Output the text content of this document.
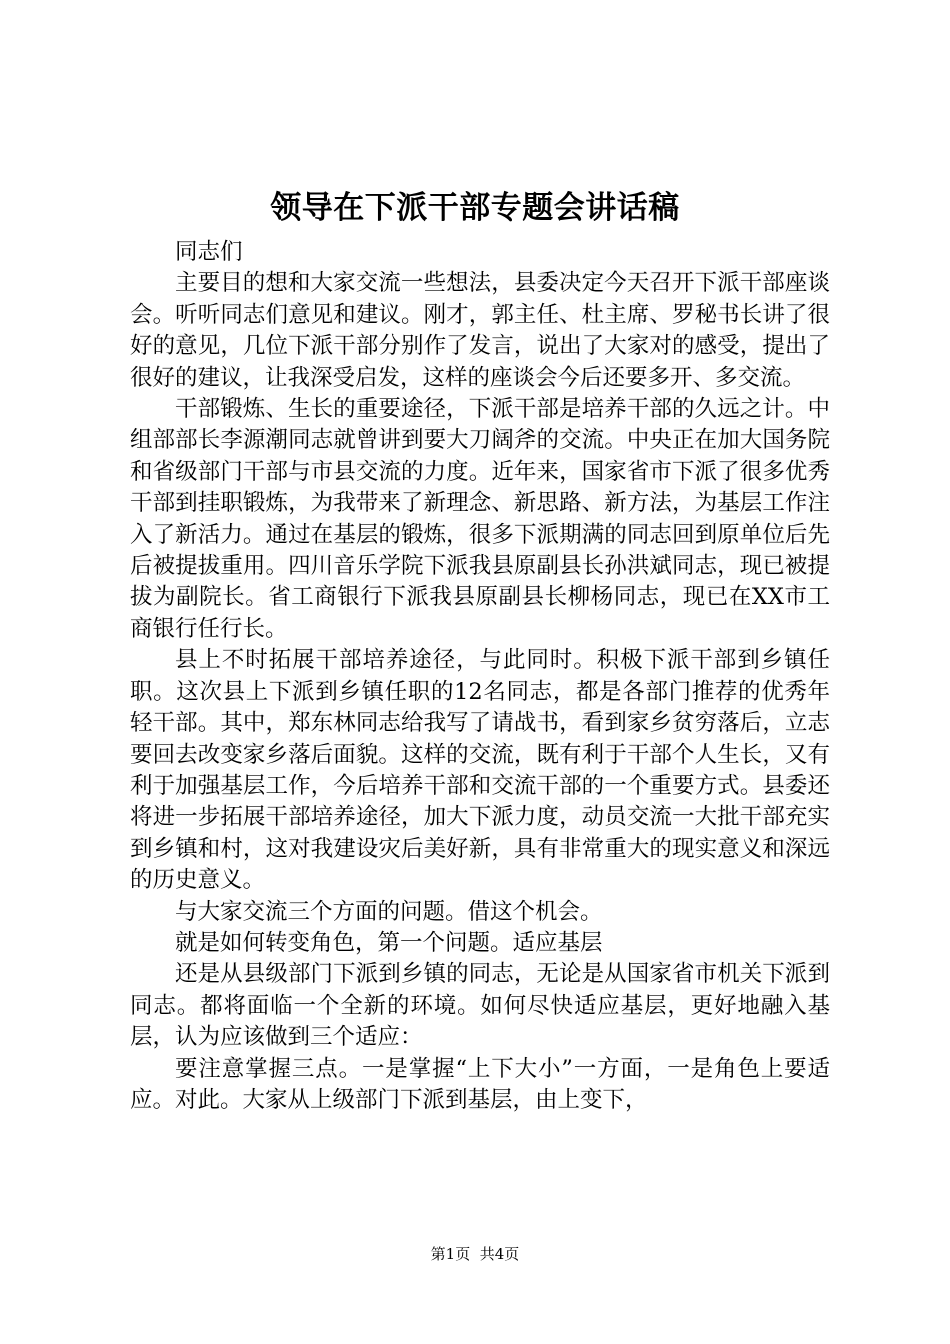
领导在下派干部专题会讲话稿

同志们

主要目的想和大家交流一些想法，县委决定今天召开下派干部座谈会。听听同志们意见和建议。刚才，郭主任、杜主席、罗秘书长讲了很好的意见，几位下派干部分别作了发言，说出了大家对的感受，提出了很好的建议，让我深受启发，这样的座谈会今后还要多开、多交流。

干部锻炼、生长的重要途径，下派干部是培养干部的久远之计。中组部部长李源潮同志就曾讲到要大刀阔斧的交流。中央正在加大国务院和省级部门干部与市县交流的力度。近年来，国家省市下派了很多优秀干部到挂职锻炼，为我带来了新理念、新思路、新方法，为基层工作注入了新活力。通过在基层的锻炼，很多下派期满的同志回到原单位后先后被提拔重用。四川音乐学院下派我县原副县长孙洪斌同志，现已被提拔为副院长。省工商银行下派我县原副县长柳杨同志，现已在XX市工商银行任行长。

县上不时拓展干部培养途径，与此同时。积极下派干部到乡镇任职。这次县上下派到乡镇任职的12名同志，都是各部门推荐的优秀年轻干部。其中，郑东林同志给我写了请战书，看到家乡贫穷落后，立志要回去改变家乡落后面貌。这样的交流，既有利于干部个人生长，又有利于加强基层工作，今后培养干部和交流干部的一个重要方式。县委还将进一步拓展干部培养途径，加大下派力度，动员交流一大批干部充实到乡镇和村，这对我建设灾后美好新，具有非常重大的现实意义和深远的历史意义。

与大家交流三个方面的问题。借这个机会。

就是如何转变角色，第一个问题。适应基层

还是从县级部门下派到乡镇的同志，无论是从国家省市机关下派到同志。都将面临一个全新的环境。如何尽快适应基层，更好地融入基层，认为应该做到三个适应：

要注意掌握三点。一是掌握“上下大小”一方面，一是角色上要适应。对此。大家从上级部门下派到基层，由上变下，

第1页 共4页
